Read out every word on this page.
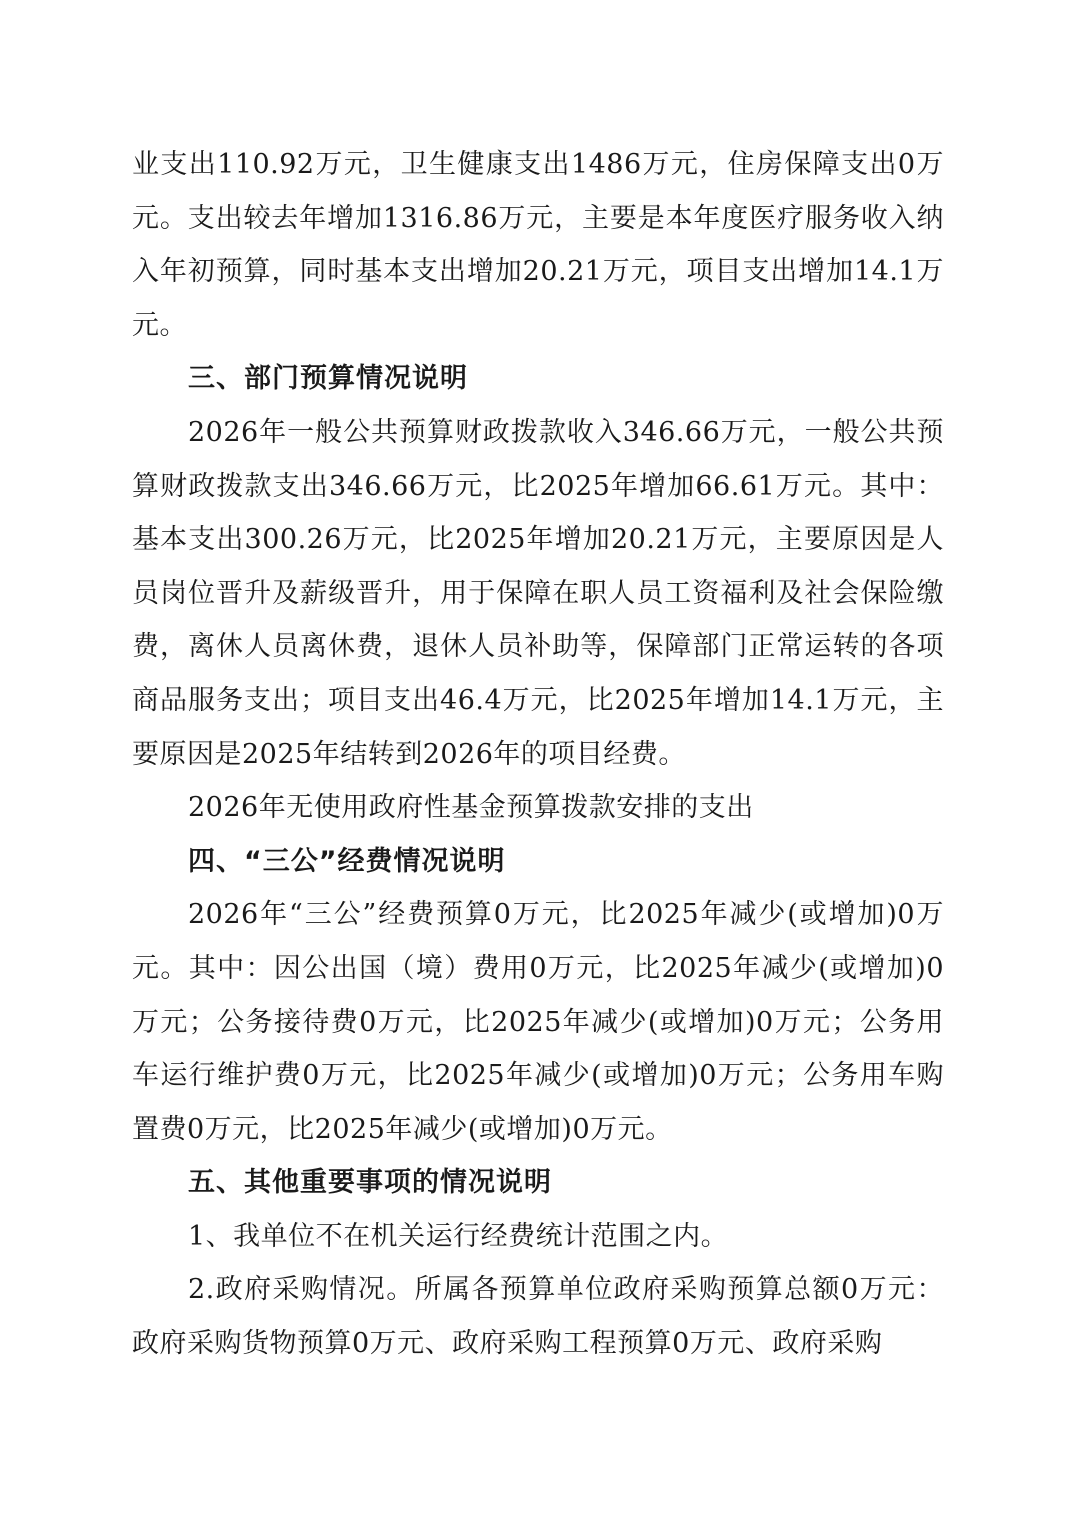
业支出110.92万元，卫生健康支出1486万元，住房保障支出0万元。支出较去年增加1316.86万元，主要是本年度医疗服务收入纳入年初预算，同时基本支出增加20.21万元，项目支出增加14.1万元。

三、部门预算情况说明

2026年一般公共预算财政拨款收入346.66万元，一般公共预算财政拨款支出346.66万元，比2025年增加66.61万元。其中：基本支出300.26万元，比2025年增加20.21万元，主要原因是人员岗位晋升及薪级晋升，用于保障在职人员工资福利及社会保险缴费，离休人员离休费，退休人员补助等，保障部门正常运转的各项商品服务支出；项目支出46.4万元，比2025年增加14.1万元，主要原因是2025年结转到2026年的项目经费。

2026年无使用政府性基金预算拨款安排的支出

四、“三公”经费情况说明

2026年“三公”经费预算0万元，比2025年减少(或增加)0万元。其中：因公出国（境）费用0万元，比2025年减少(或增加)0万元；公务接待费0万元，比2025年减少(或增加)0万元；公务用车运行维护费0万元，比2025年减少(或增加)0万元；公务用车购置费0万元，比2025年减少(或增加)0万元。

五、其他重要事项的情况说明

1、我单位不在机关运行经费统计范围之内。

2.政府采购情况。所属各预算单位政府采购预算总额0万元：政府采购货物预算0万元、政府采购工程预算0万元、政府采购
